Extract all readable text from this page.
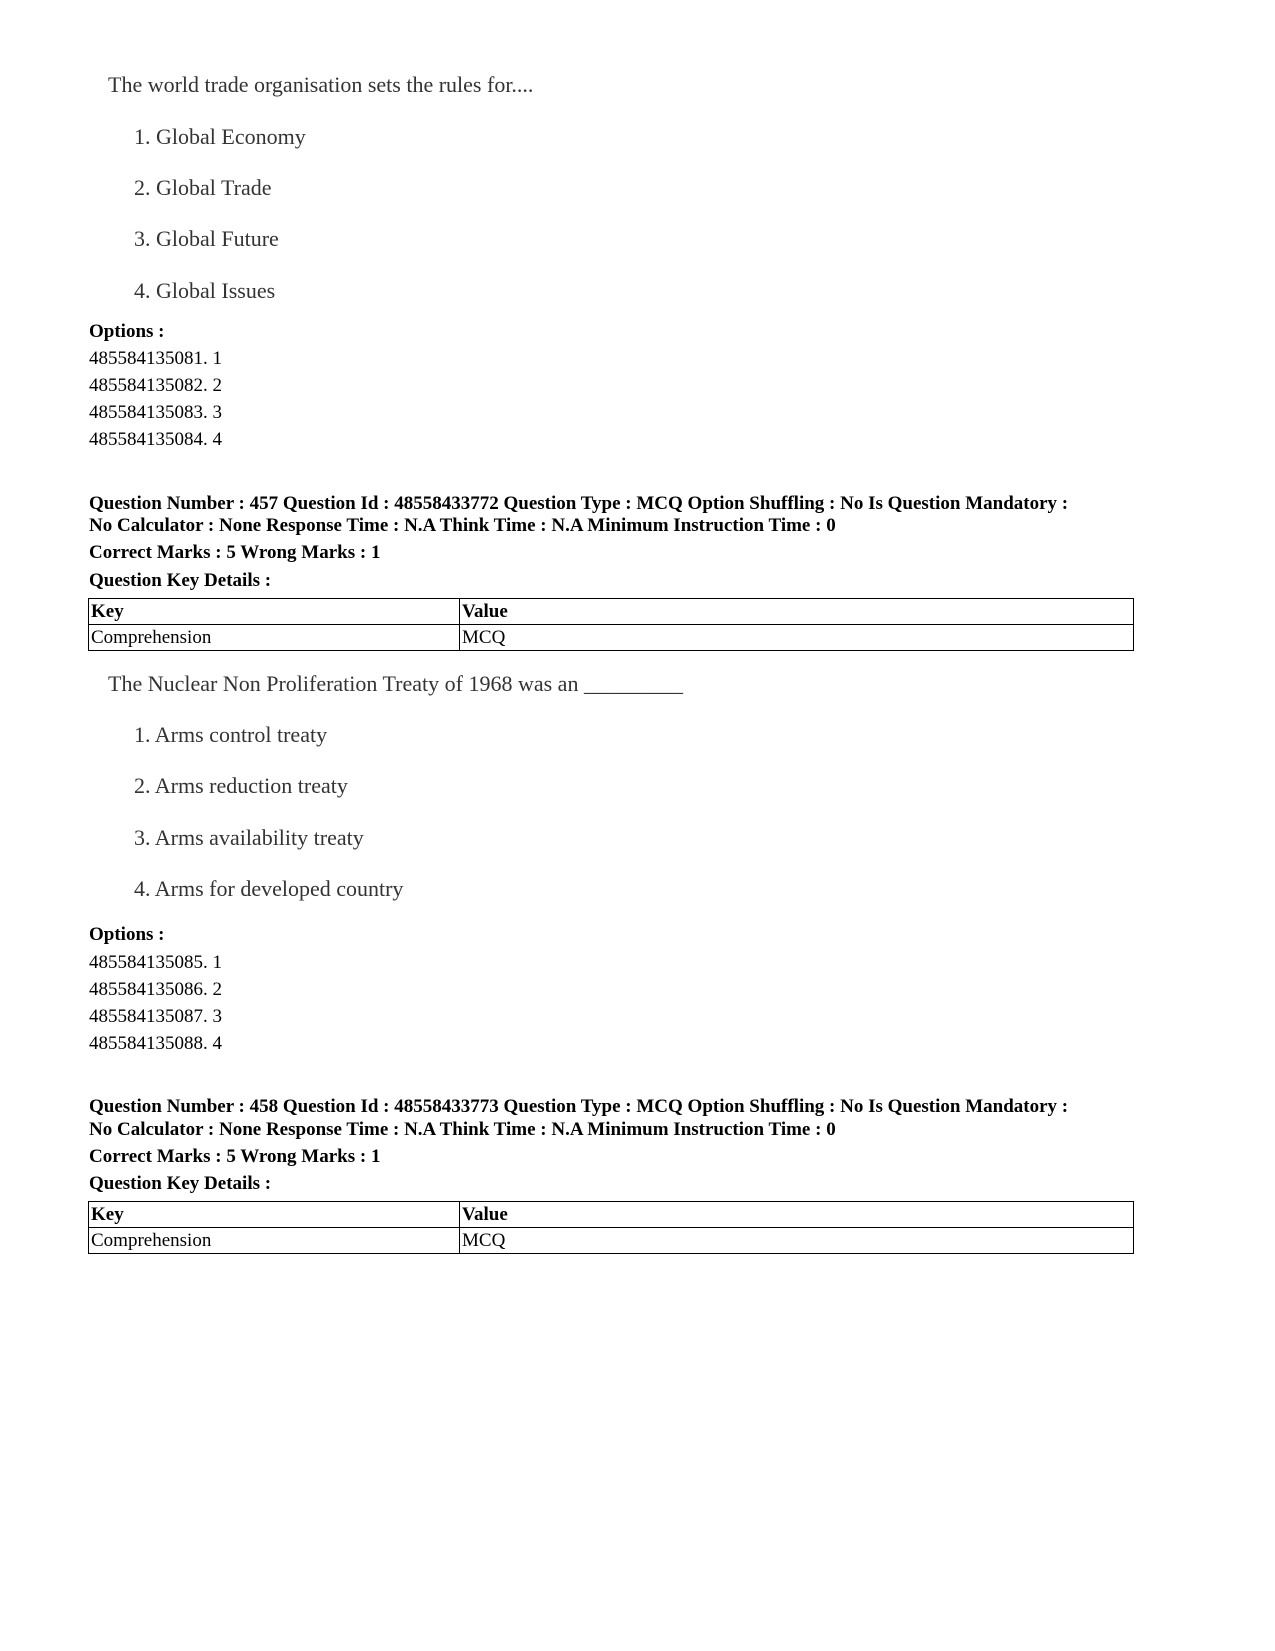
The world trade organisation sets the rules for....
1. Global Economy
2. Global Trade
3. Global Future
4. Global Issues
Options :
485584135081. 1
485584135082. 2
485584135083. 3
485584135084. 4
Question Number : 457 Question Id : 48558433772 Question Type : MCQ Option Shuffling : No Is Question Mandatory :
No Calculator : None Response Time : N.A Think Time : N.A Minimum Instruction Time : 0
Correct Marks : 5 Wrong Marks : 1
Question Key Details :
Key	Value
Comprehension	MCQ
The Nuclear Non Proliferation Treaty of 1968 was an _________
1. Arms control treaty
2. Arms reduction treaty
3. Arms availability treaty
4. Arms for developed country
Options :
485584135085. 1
485584135086. 2
485584135087. 3
485584135088. 4
Question Number : 458 Question Id : 48558433773 Question Type : MCQ Option Shuffling : No Is Question Mandatory :
No Calculator : None Response Time : N.A Think Time : N.A Minimum Instruction Time : 0
Correct Marks : 5 Wrong Marks : 1
Question Key Details :
Key	Value
Comprehension	MCQ
